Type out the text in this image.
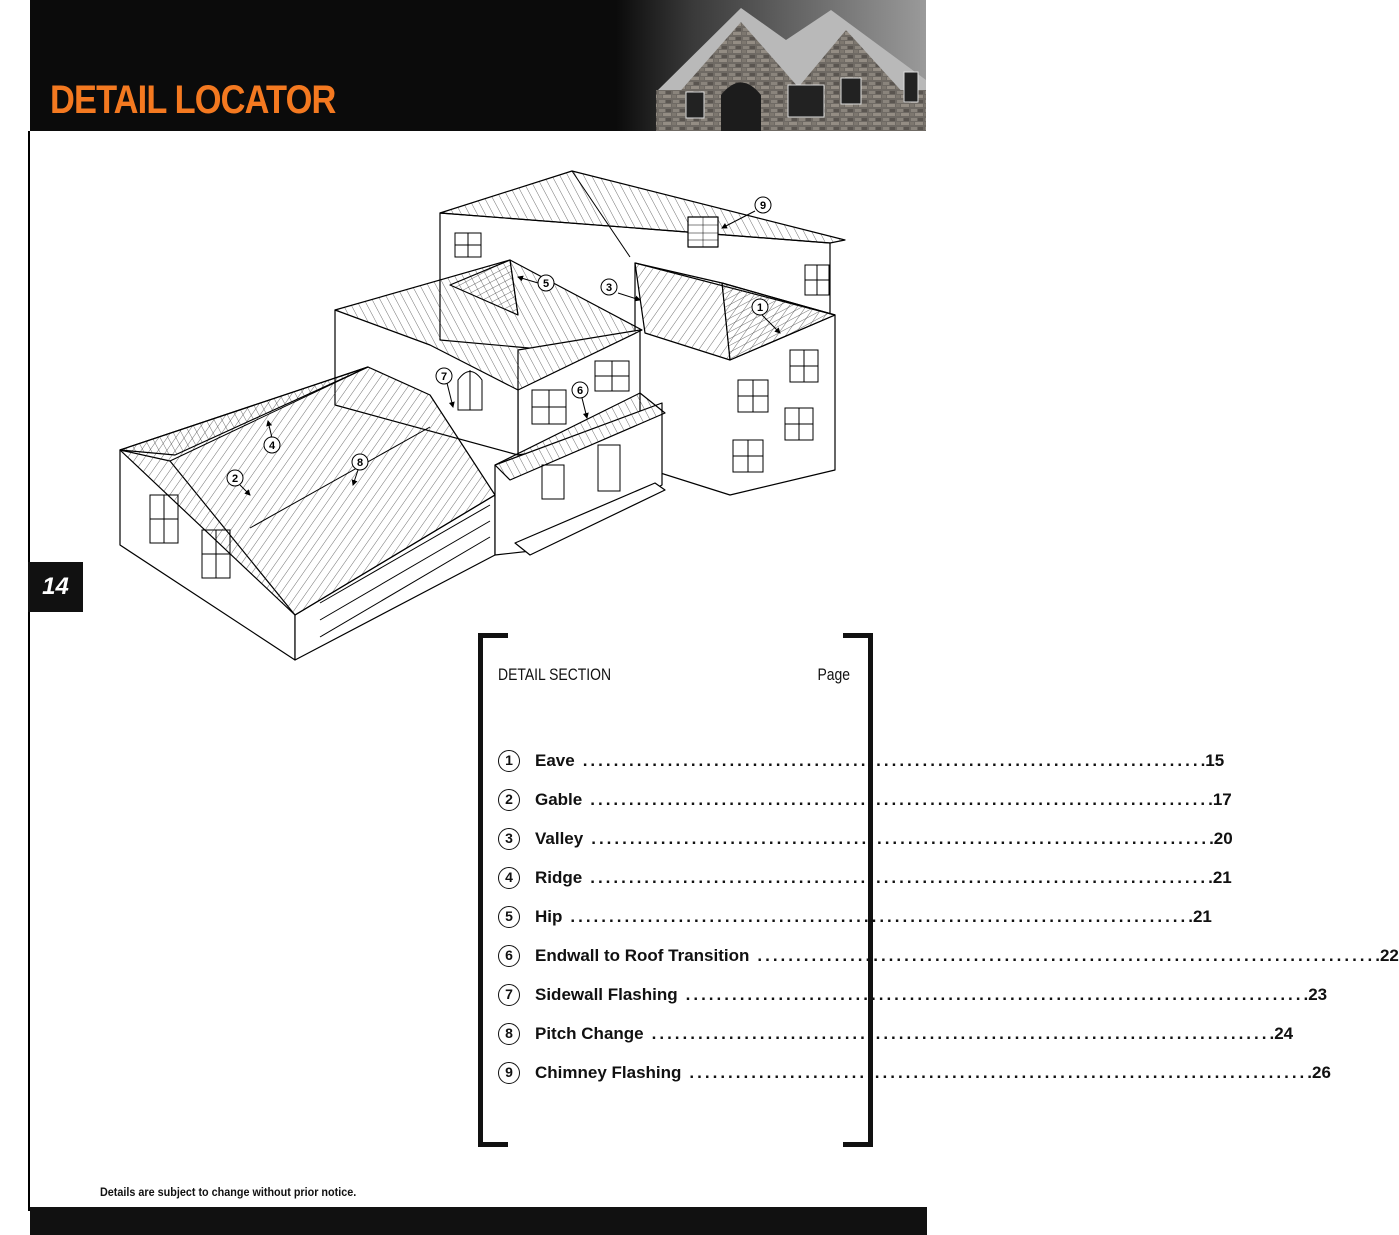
DETAIL LOCATOR
14
1
2
3
4
5
6
7
8
9
DETAIL SECTION	Page
1	Eave ................................................................................ .15
2	Gable ................................................................................ .17
3	Valley ................................................................................ .20
4	Ridge ................................................................................ .21
5	Hip ................................................................................ .21
6	Endwall to Roof Transition ................................................................................ .22
7	Sidewall Flashing ................................................................................ .23
8	Pitch Change ................................................................................ .24
9	Chimney Flashing ................................................................................ .26
Details are subject to change without prior notice.
